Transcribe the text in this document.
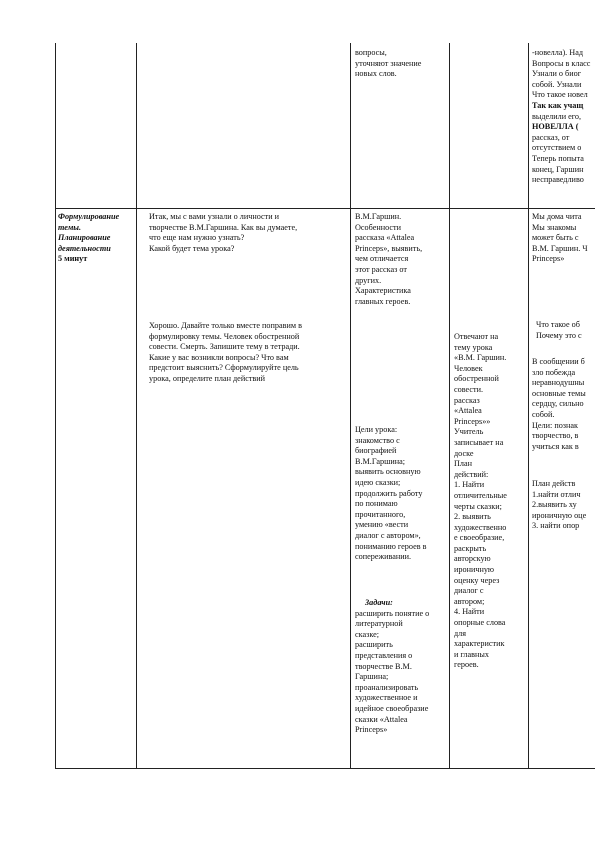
вопросы,
уточняют значение
новых слов.
-новелла). Над
Вопросы в класс
Узнали о биог
собой. Узнали
Что такое новел
Так как учащ
выделили его,
НОВЕЛЛА (
рассказ, от
отсутствием о
Теперь попыта
конец, Гаршин
несправедливо
Формулирование
темы.
Планирование
деятельности
5 минут
Итак, мы с вами узнали о личности и
творчестве В.М.Гаршина. Как вы думаете,
что еще нам нужно узнать?
Какой будет тема урока?
Хорошо. Давайте только вместе поправим в
формулировку темы. Человек обостренной
совести. Смерть. Запишите тему в тетради.
Какие у вас возникли вопросы? Что вам
предстоит выяснить? Сформулируйте цель
урока, определите план действий
В.М.Гаршин.
Особенности
рассказа «Attalea
Princeps», выявить,
чем отличается
этот рассказ от
других.
Характеристика
главных героев.
Цели урока:
знакомство с
биографией
В.М.Гаршина;
выявить основную
идею сказки;
продолжить работу
по понимаю
прочитанного,
умению «вести
диалог с автором»,
пониманию героев в
сопереживании.
Задачи:
расширить понятие о
литературной
сказке;
расширить
представления о
творчестве В.М.
Гаршина;
проанализировать
художественное и
идейное своеобразие
сказки «Attalea
Princeps»
Отвечают на
тему урока
«В.М. Гаршин.
Человек
обостренной
совести.
рассказ
«Attalea
Princeps»»
Учитель
записывает на
доске
План
действий:
1. Найти
отличительные
черты сказки;
2. выявить
художественно
е своеобразие,
раскрыть
авторскую
ироничную
оценку через
диалог с
автором;
4. Найти
опорные слова
для
характеристик
и главных
героев.
Мы дома чита
Мы знакомы
может быть с
В.М. Гаршин. Ч
Princeps»
Что такое об
Почему это с
В сообщении б
зло побежда
неравнодушны
основные темы
сердцу, сильно
собой.
Цели: познак
творчество, в
учиться как в
План действ
1.найти отлич
2.выявить ху
ироничную оце
3. найти опор
